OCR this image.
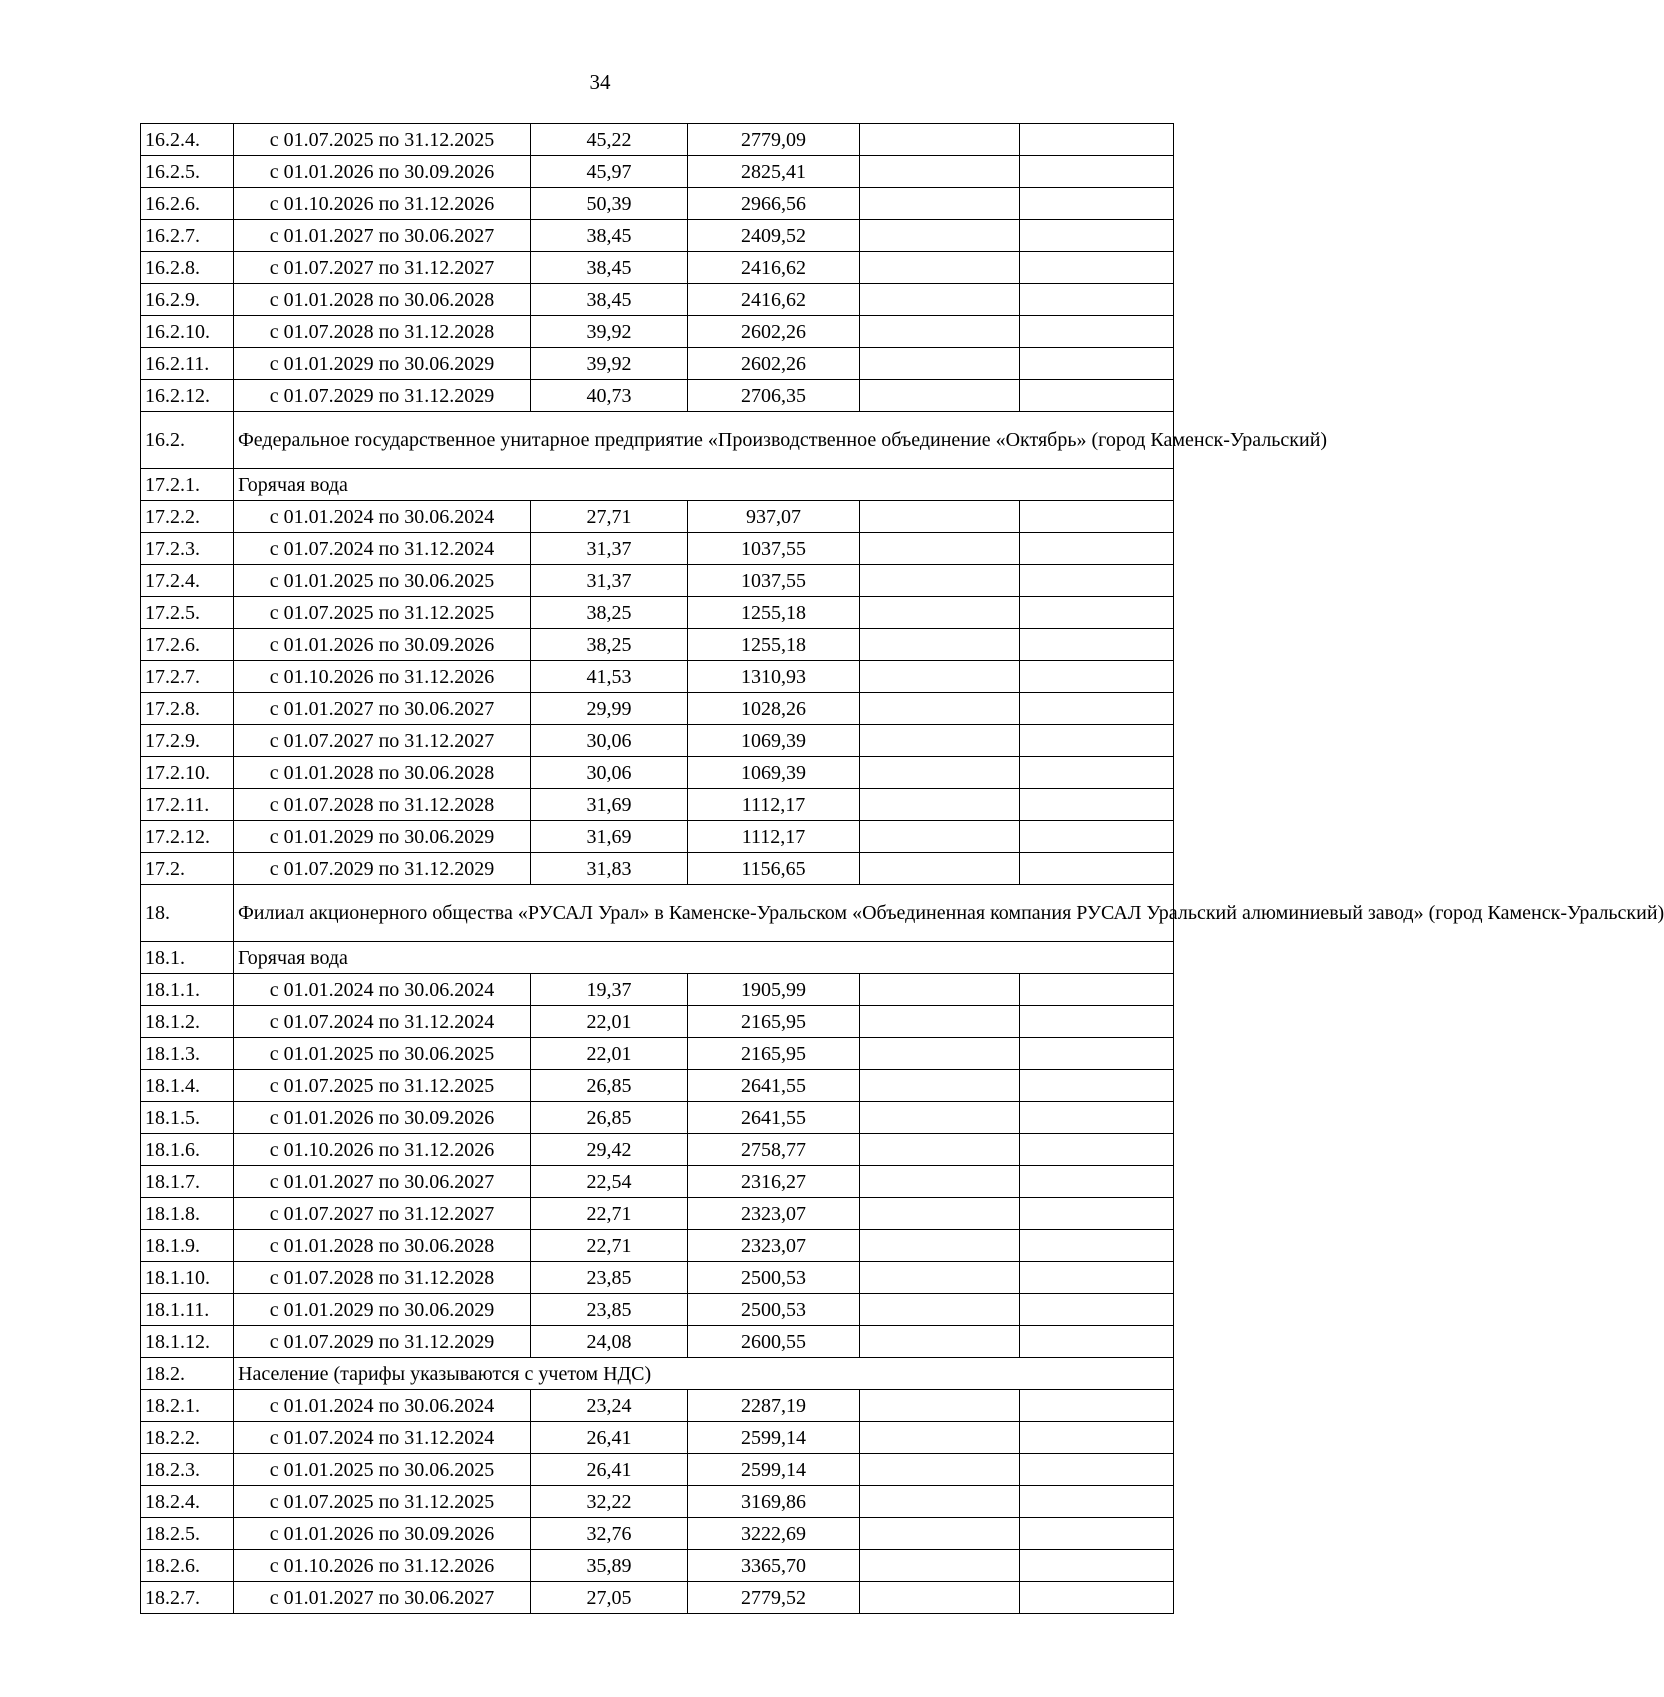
34
16.2.4.	с 01.07.2025 по 31.12.2025	45,22	2779,09		
16.2.5.	с 01.01.2026 по 30.09.2026	45,97	2825,41		
16.2.6.	с 01.10.2026 по 31.12.2026	50,39	2966,56		
16.2.7.	с 01.01.2027 по 30.06.2027	38,45	2409,52		
16.2.8.	с 01.07.2027 по 31.12.2027	38,45	2416,62		
16.2.9.	с 01.01.2028 по 30.06.2028	38,45	2416,62		
16.2.10.	с 01.07.2028 по 31.12.2028	39,92	2602,26		
16.2.11.	с 01.01.2029 по 30.06.2029	39,92	2602,26		
16.2.12.	с 01.07.2029 по 31.12.2029	40,73	2706,35		
16.2.	Федеральное государственное унитарное предприятие «Производственное объединение «Октябрь» (город Каменск-Уральский)				
17.2.1.	Горячая вода				
17.2.2.	с 01.01.2024 по 30.06.2024	27,71	937,07		
17.2.3.	с 01.07.2024 по 31.12.2024	31,37	1037,55		
17.2.4.	с 01.01.2025 по 30.06.2025	31,37	1037,55		
17.2.5.	с 01.07.2025 по 31.12.2025	38,25	1255,18		
17.2.6.	с 01.01.2026 по 30.09.2026	38,25	1255,18		
17.2.7.	с 01.10.2026 по 31.12.2026	41,53	1310,93		
17.2.8.	с 01.01.2027 по 30.06.2027	29,99	1028,26		
17.2.9.	с 01.07.2027 по 31.12.2027	30,06	1069,39		
17.2.10.	с 01.01.2028 по 30.06.2028	30,06	1069,39		
17.2.11.	с 01.07.2028 по 31.12.2028	31,69	1112,17		
17.2.12.	с 01.01.2029 по 30.06.2029	31,69	1112,17		
17.2.	с 01.07.2029 по 31.12.2029	31,83	1156,65		
18.	Филиал акционерного общества «РУСАЛ Урал» в Каменске-Уральском «Объединенная компания РУСАЛ Уральский алюминиевый завод» (город Каменск-Уральский)				
18.1.	Горячая вода				
18.1.1.	с 01.01.2024 по 30.06.2024	19,37	1905,99		
18.1.2.	с 01.07.2024 по 31.12.2024	22,01	2165,95		
18.1.3.	с 01.01.2025 по 30.06.2025	22,01	2165,95		
18.1.4.	с 01.07.2025 по 31.12.2025	26,85	2641,55		
18.1.5.	с 01.01.2026 по 30.09.2026	26,85	2641,55		
18.1.6.	с 01.10.2026 по 31.12.2026	29,42	2758,77		
18.1.7.	с 01.01.2027 по 30.06.2027	22,54	2316,27		
18.1.8.	с 01.07.2027 по 31.12.2027	22,71	2323,07		
18.1.9.	с 01.01.2028 по 30.06.2028	22,71	2323,07		
18.1.10.	с 01.07.2028 по 31.12.2028	23,85	2500,53		
18.1.11.	с 01.01.2029 по 30.06.2029	23,85	2500,53		
18.1.12.	с 01.07.2029 по 31.12.2029	24,08	2600,55		
18.2.	Население (тарифы указываются с учетом НДС)				
18.2.1.	с 01.01.2024 по 30.06.2024	23,24	2287,19		
18.2.2.	с 01.07.2024 по 31.12.2024	26,41	2599,14		
18.2.3.	с 01.01.2025 по 30.06.2025	26,41	2599,14		
18.2.4.	с 01.07.2025 по 31.12.2025	32,22	3169,86		
18.2.5.	с 01.01.2026 по 30.09.2026	32,76	3222,69		
18.2.6.	с 01.10.2026 по 31.12.2026	35,89	3365,70		
18.2.7.	с 01.01.2027 по 30.06.2027	27,05	2779,52		
